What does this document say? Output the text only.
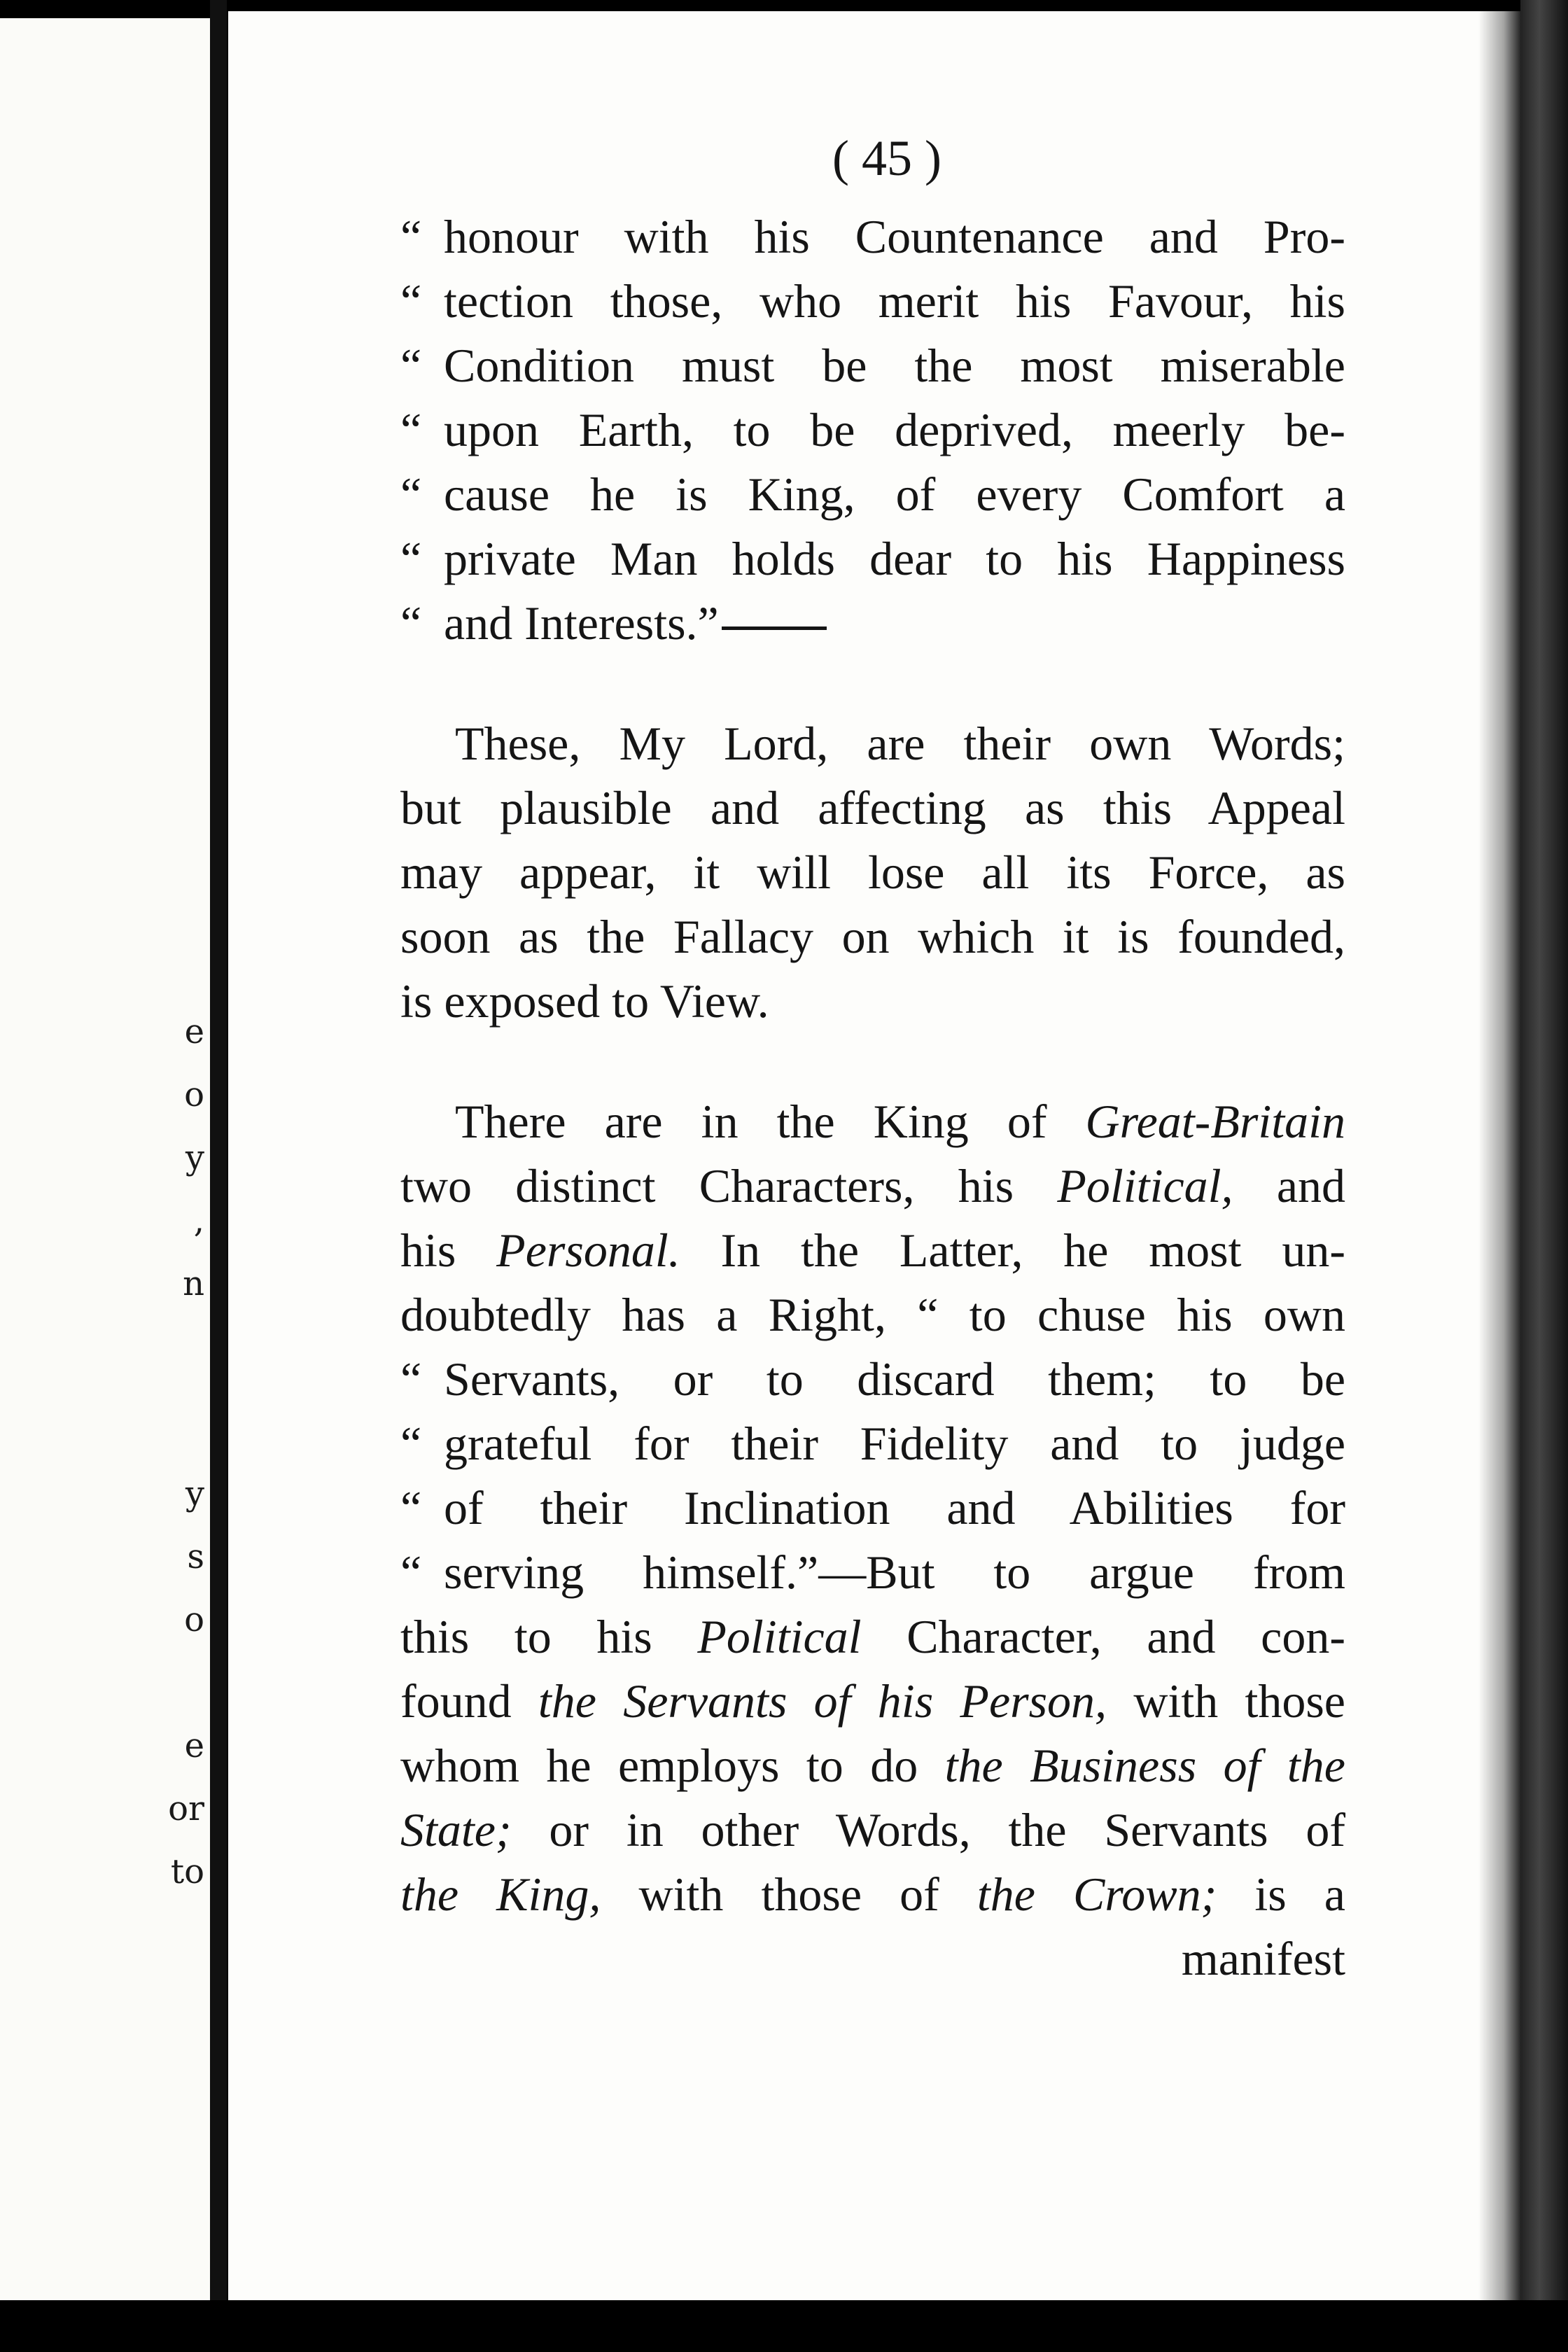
e
o
y
,
n
y
s
o
e
or
to
( 45 )
“ honour with his Countenance and Pro-
“ tection those, who merit his Favour, his
“ Condition must be the most miserable
“ upon Earth, to be deprived, meerly be-
“ cause he is King, of every Comfort a
“ private Man holds dear to his Happiness
“ and Interests.”
These, My Lord, are their own Words;
but plausible and affecting as this Appeal
may appear, it will lose all its Force, as
soon as the Fallacy on which it is founded,
is exposed to View.
There are in the King of Great-Britain
two distinct Characters, his Political, and
his Personal. In the Latter, he most un-
doubtedly has a Right, “ to chuse his own
“ Servants, or to discard them; to be
“ grateful for their Fidelity and to judge
“ of their Inclination and Abilities for
“ serving himself.”—But to argue from
this to his Political Character, and con-
found the Servants of his Person, with those
whom he employs to do the Business of the
State; or in other Words, the Servants of
the King, with those of the Crown; is a
manifest
